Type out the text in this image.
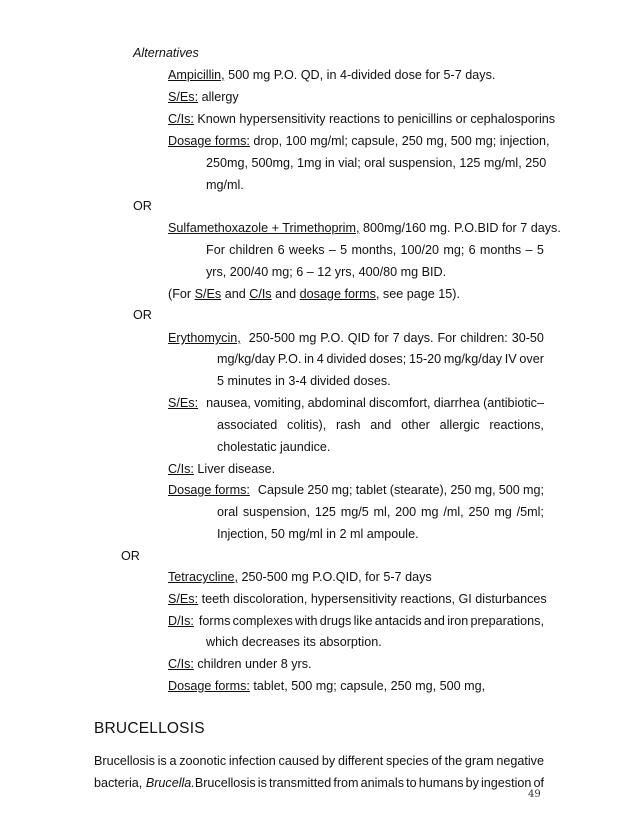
Alternatives
Ampicillin, 500 mg P.O. QD, in 4-divided dose for 5-7 days.
S/Es: allergy
C/Is: Known hypersensitivity reactions to penicillins or cephalosporins
Dosage forms: drop, 100 mg/ml; capsule, 250 mg, 500 mg; injection,
250mg, 500mg, 1mg in vial; oral suspension, 125 mg/ml, 250
mg/ml.
OR
Sulfamethoxazole + Trimethoprim, 800mg/160 mg. P.O.BID for 7 days.
For children 6 weeks – 5 months, 100/20 mg; 6 months – 5
yrs, 200/40 mg; 6 – 12 yrs, 400/80 mg BID.
(For S/Es and C/Is and dosage forms, see page 15).
OR
Erythomycin, 250-500 mg P.O. QID for 7 days. For children: 30-50
mg/kg/day P.O. in 4 divided doses; 15-20 mg/kg/day IV over
5 minutes in 3-4 divided doses.
S/Es: nausea, vomiting, abdominal discomfort, diarrhea (antibiotic–
associated colitis), rash and other allergic reactions,
cholestatic jaundice.
C/Is: Liver disease.
Dosage forms: Capsule 250 mg; tablet (stearate), 250 mg, 500 mg;
oral suspension, 125 mg/5 ml, 200 mg /ml, 250 mg /5ml;
Injection, 50 mg/ml in 2 ml ampoule.
OR
Tetracycline, 250-500 mg P.O.QID, for 5-7 days
S/Es: teeth discoloration, hypersensitivity reactions, GI disturbances
D/Is: forms complexes with drugs like antacids and iron preparations,
which decreases its absorption.
C/Is: children under 8 yrs.
Dosage forms: tablet, 500 mg; capsule, 250 mg, 500 mg,
BRUCELLOSIS
Brucellosis is a zoonotic infection caused by different species of the gram negative
bacteria, Brucella. Brucellosis is transmitted from animals to humans by ingestion of
49
